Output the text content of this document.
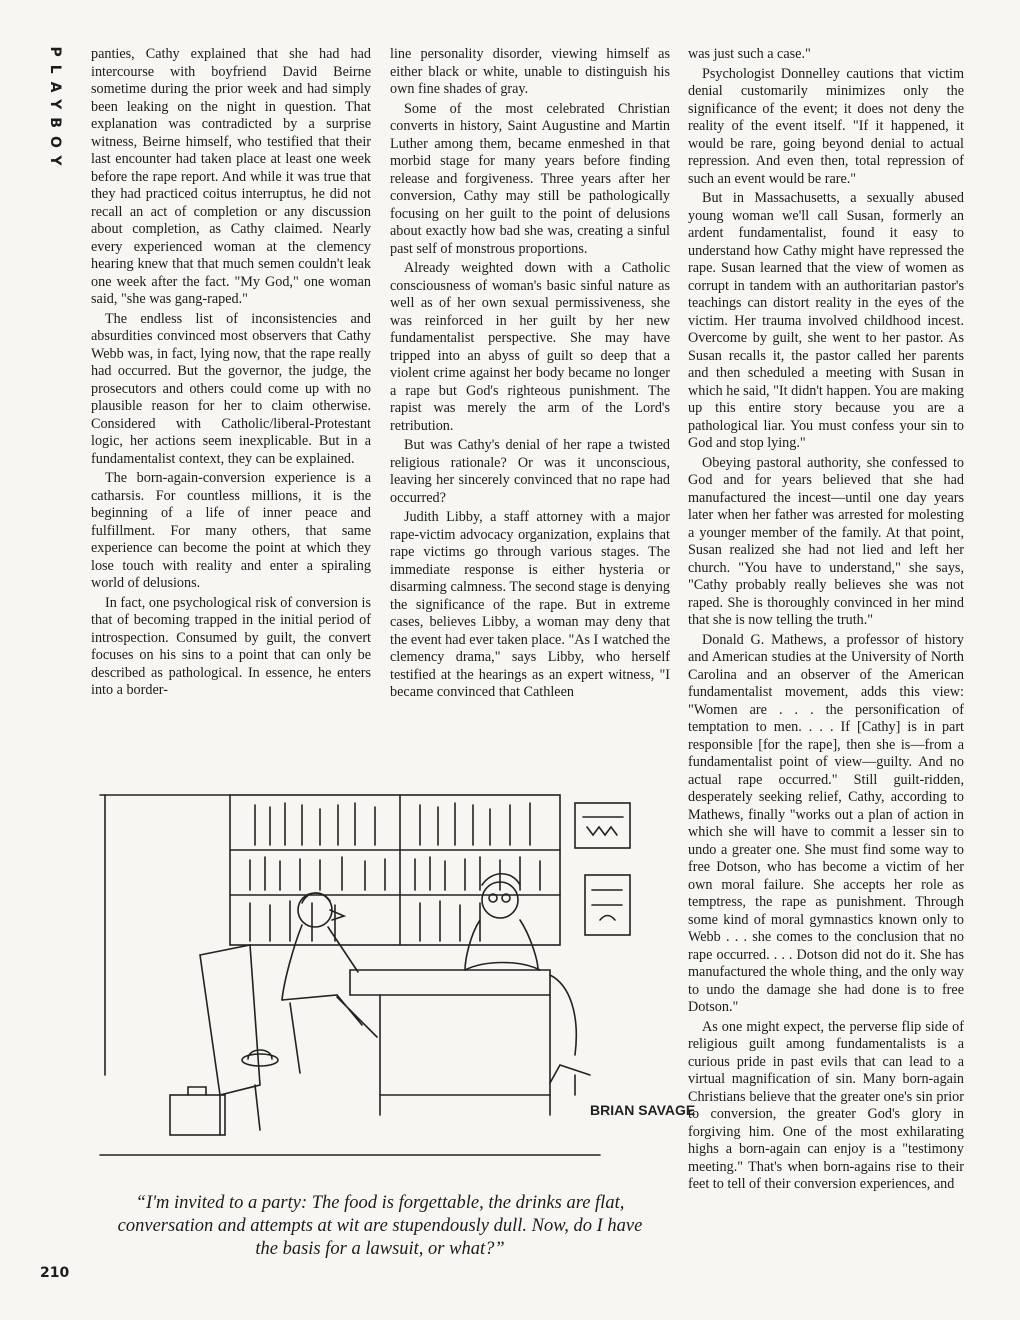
PLAYBOY panties, Cathy explained that she had had intercourse with boyfriend David Beirne sometime during the prior week and had simply been leaking on the night in question. That explanation was contradicted by a surprise witness, Beirne himself, who testified that their last encounter had taken place at least one week before the rape report. And while it was true that they had practiced coitus interruptus, he did not recall an act of completion or any discussion about completion, as Cathy claimed. Nearly every experienced woman at the clemency hearing knew that that much semen couldn't leak one week after the fact. "My God," one woman said, "she was gang-raped."

The endless list of inconsistencies and absurdities convinced most observers that Cathy Webb was, in fact, lying now, that the rape really had occurred. But the governor, the judge, the prosecutors and others could come up with no plausible reason for her to claim otherwise. Considered with Catholic/liberal-Protestant logic, her actions seem inexplicable. But in a fundamentalist context, they can be explained.

The born-again-conversion experience is a catharsis. For countless millions, it is the beginning of a life of inner peace and fulfillment. For many others, that same experience can become the point at which they lose touch with reality and enter a spiraling world of delusions.

In fact, one psychological risk of conversion is that of becoming trapped in the initial period of introspection. Consumed by guilt, the convert focuses on his sins to a point that can only be described as pathological. In essence, he enters into a border-

line personality disorder, viewing himself as either black or white, unable to distinguish his own fine shades of gray.

Some of the most celebrated Christian converts in history, Saint Augustine and Martin Luther among them, became enmeshed in that morbid stage for many years before finding release and forgiveness. Three years after her conversion, Cathy may still be pathologically focusing on her guilt to the point of delusions about exactly how bad she was, creating a sinful past self of monstrous proportions.

Already weighted down with a Catholic consciousness of woman's basic sinful nature as well as of her own sexual permissiveness, she was reinforced in her guilt by her new fundamentalist perspective. She may have tripped into an abyss of guilt so deep that a violent crime against her body became no longer a rape but God's righteous punishment. The rapist was merely the arm of the Lord's retribution.

But was Cathy's denial of her rape a twisted religious rationale? Or was it unconscious, leaving her sincerely convinced that no rape had occurred?

Judith Libby, a staff attorney with a major rape-victim advocacy organization, explains that rape victims go through various stages. The immediate response is either hysteria or disarming calmness. The second stage is denying the significance of the rape. But in extreme cases, believes Libby, a woman may deny that the event had ever taken place. "As I watched the clemency drama," says Libby, who herself testified at the hearings as an expert witness, "I became convinced that Cathleen

was just such a case."

Psychologist Donnelley cautions that victim denial customarily minimizes only the significance of the event; it does not deny the reality of the event itself. "If it happened, it would be rare, going beyond denial to actual repression. And even then, total repression of such an event would be rare."

But in Massachusetts, a sexually abused young woman we'll call Susan, formerly an ardent fundamentalist, found it easy to understand how Cathy might have repressed the rape. Susan learned that the view of women as corrupt in tandem with an authoritarian pastor's teachings can distort reality in the eyes of the victim. Her trauma involved childhood incest. Overcome by guilt, she went to her pastor. As Susan recalls it, the pastor called her parents and then scheduled a meeting with Susan in which he said, "It didn't happen. You are making up this entire story because you are a pathological liar. You must confess your sin to God and stop lying."

Obeying pastoral authority, she confessed to God and for years believed that she had manufactured the incest—until one day years later when her father was arrested for molesting a younger member of the family. At that point, Susan realized she had not lied and left her church. "You have to understand," she says, "Cathy probably really believes she was not raped. She is thoroughly convinced in her mind that she is now telling the truth."

Donald G. Mathews, a professor of history and American studies at the University of North Carolina and an observer of the American fundamentalist movement, adds this view: "Women are . . . the personification of temptation to men. . . . If [Cathy] is in part responsible [for the rape], then she is—from a fundamentalist point of view—guilty. And no actual rape occurred." Still guilt-ridden, desperately seeking relief, Cathy, according to Mathews, finally "works out a plan of action in which she will have to commit a lesser sin to undo a greater one. She must find some way to free Dotson, who has become a victim of her own moral failure. She accepts her role as temptress, the rape as punishment. Through some kind of moral gymnastics known only to Webb . . . she comes to the conclusion that no rape occurred. . . . Dotson did not do it. She has manufactured the whole thing, and the only way to undo the damage she had done is to free Dotson."

As one might expect, the perverse flip side of religious guilt among fundamentalists is a curious pride in past evils that can lead to a virtual magnification of sin. Many born-again Christians believe that the greater one's sin prior to conversion, the greater God's glory in forgiving him. One of the most exhilarating highs a born-again can enjoy is a "testimony meeting." That's when born-agains rise to their feet to tell of their conversion experiences, and

BRIAN SAVAGE
“I'm invited to a party: The food is forgettable, the drinks are flat, conversation and attempts at wit are stupendously dull. Now, do I have the basis for a lawsuit, or what?”
210
